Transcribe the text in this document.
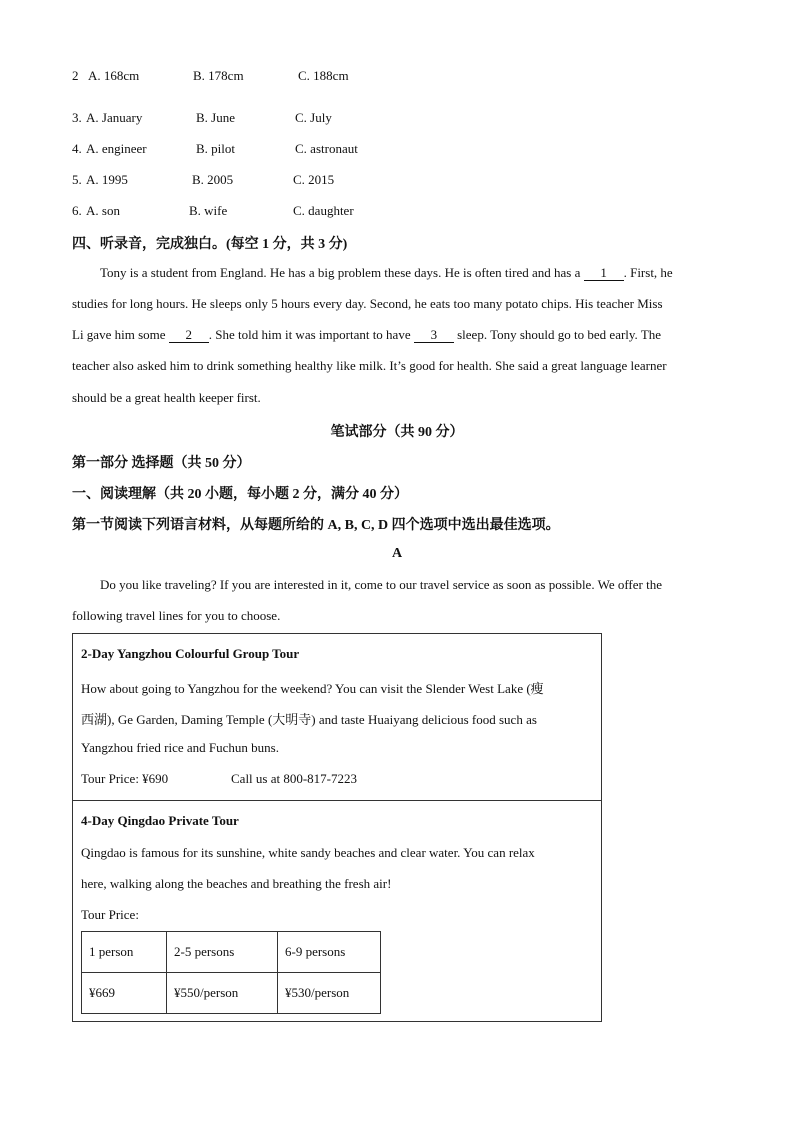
2 A. 168cm	B. 178cm	C. 188cm
3. A. January	B. June	C. July
4. A. engineer	B. pilot	C. astronaut
5. A. 1995	B. 2005	C. 2015
6. A. son	B. wife	C. daughter
四、听录音，完成独白。(每空 1 分，共 3 分)
Tony is a student from England. He has a big problem these days. He is often tired and has a 1 . First, he
studies for long hours. He sleeps only 5 hours every day. Second, he eats too many potato chips. His teacher Miss
Li gave him some 2 . She told him it was important to have 3 sleep. Tony should go to bed early. The
teacher also asked him to drink something healthy like milk. It’s good for health. She said a great language learner
should be a great health keeper first.
笔试部分（共 90 分）
第一部分 选择题（共 50 分）
一、阅读理解（共 20 小题，每小题 2 分，满分 40 分）
第一节阅读下列语言材料，从每题所给的 A, B, C, D 四个选项中选出最佳选项。
A
Do you like traveling? If you are interested in it, come to our travel service as soon as possible. We offer the
following travel lines for you to choose.
2-Day Yangzhou Colourful Group Tour
How about going to Yangzhou for the weekend? You can visit the Slender West Lake (瘦
西湖), Ge Garden, Daming Temple (大明寺) and taste Huaiyang delicious food such as
Yangzhou fried rice and Fuchun buns.
Tour Price: ¥690	Call us at 800-817-7223
4-Day Qingdao Private Tour
Qingdao is famous for its sunshine, white sandy beaches and clear water. You can relax
here, walking along the beaches and breathing the fresh air!
Tour Price:
1 person	2-5 persons	6-9 persons
¥669	¥550/person	¥530/person
